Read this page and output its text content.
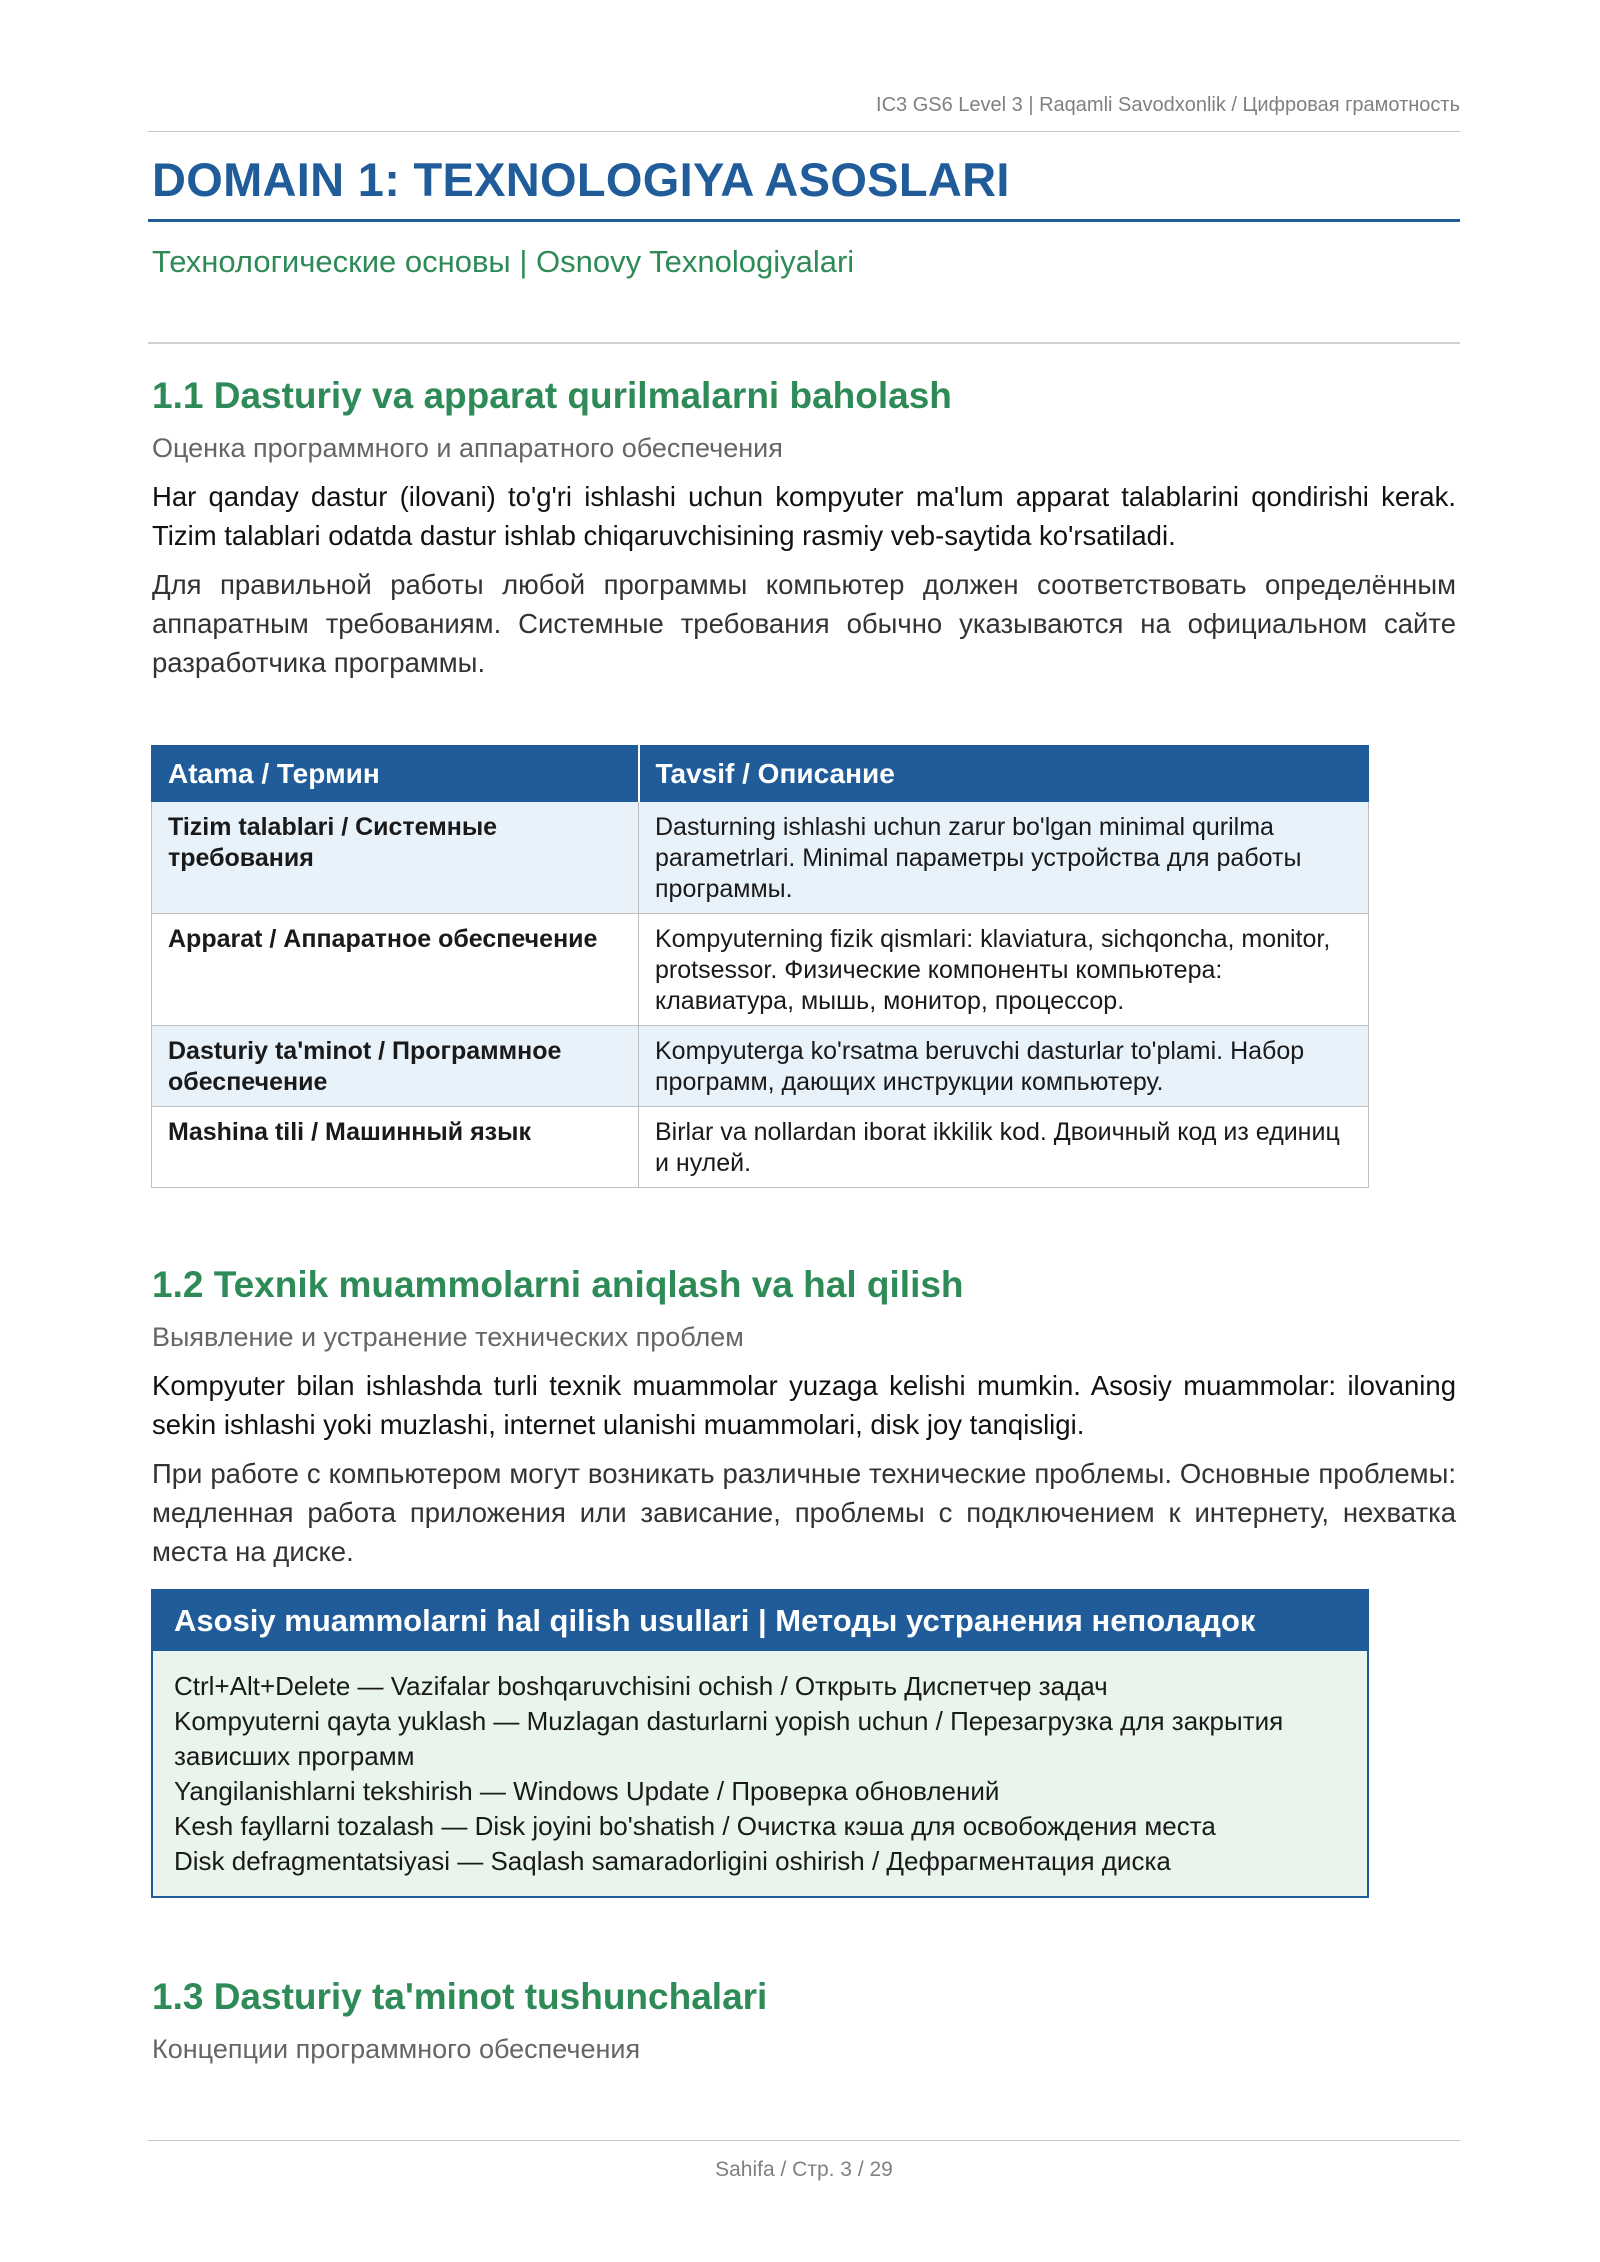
IC3 GS6 Level 3 | Raqamli Savodxonlik / Цифровая грамотность
DOMAIN 1: TEXNOLOGIYA ASOSLARI
Технологические основы | Osnovy Texnologiyalari
1.1 Dasturiy va apparat qurilmalarni baholash
Оценка программного и аппаратного обеспечения

Har qanday dastur (ilovani) to'g'ri ishlashi uchun kompyuter ma'lum apparat talablarini qondirishi kerak. Tizim talablari odatda dastur ishlab chiqaruvchisining rasmiy veb-saytida ko'rsatiladi.

Для правильной работы любой программы компьютер должен соответствовать определённым аппаратным требованиям. Системные требования обычно указываются на официальном сайте разработчика программы.

Atama / Термин	Tavsif / Описание
Tizim talablari / Системные требования	Dasturning ishlashi uchun zarur bo'lgan minimal qurilma parametrlari. Minimal параметры устройства для работы программы.
Apparat / Аппаратное обеспечение	Kompyuterning fizik qismlari: klaviatura, sichqoncha, monitor, protsessor. Физические компоненты компьютера: клавиатура, мышь, монитор, процессор.
Dasturiy ta'minot / Программное обеспечение	Kompyuterga ko'rsatma beruvchi dasturlar to'plami. Набор программ, дающих инструкции компьютеру.
Mashina tili / Машинный язык	Birlar va nollardan iborat ikkilik kod. Двоичный код из единиц и нулей.
1.2 Texnik muammolarni aniqlash va hal qilish
Выявление и устранение технических проблем

Kompyuter bilan ishlashda turli texnik muammolar yuzaga kelishi mumkin. Asosiy muammolar: ilovaning sekin ishlashi yoki muzlashi, internet ulanishi muammolari, disk joy tanqisligi.

При работе с компьютером могут возникать различные технические проблемы. Основные проблемы: медленная работа приложения или зависание, проблемы с подключением к интернету, нехватка места на диске.

Asosiy muammolarni hal qilish usullari | Методы устранения неполадок
Ctrl+Alt+Delete — Vazifalar boshqaruvchisini ochish / Открыть Диспетчер задач
Kompyuterni qayta yuklash — Muzlagan dasturlarni yopish uchun / Перезагрузка для закрытия зависших программ
Yangilanishlarni tekshirish — Windows Update / Проверка обновлений
Kesh fayllarni tozalash — Disk joyini bo'shatish / Очистка кэша для освобождения места
Disk defragmentatsiyasi — Saqlash samaradorligini oshirish / Дефрагментация диска
1.3 Dasturiy ta'minot tushunchalari
Концепции программного обеспечения
Sahifa / Стр. 3 / 29
